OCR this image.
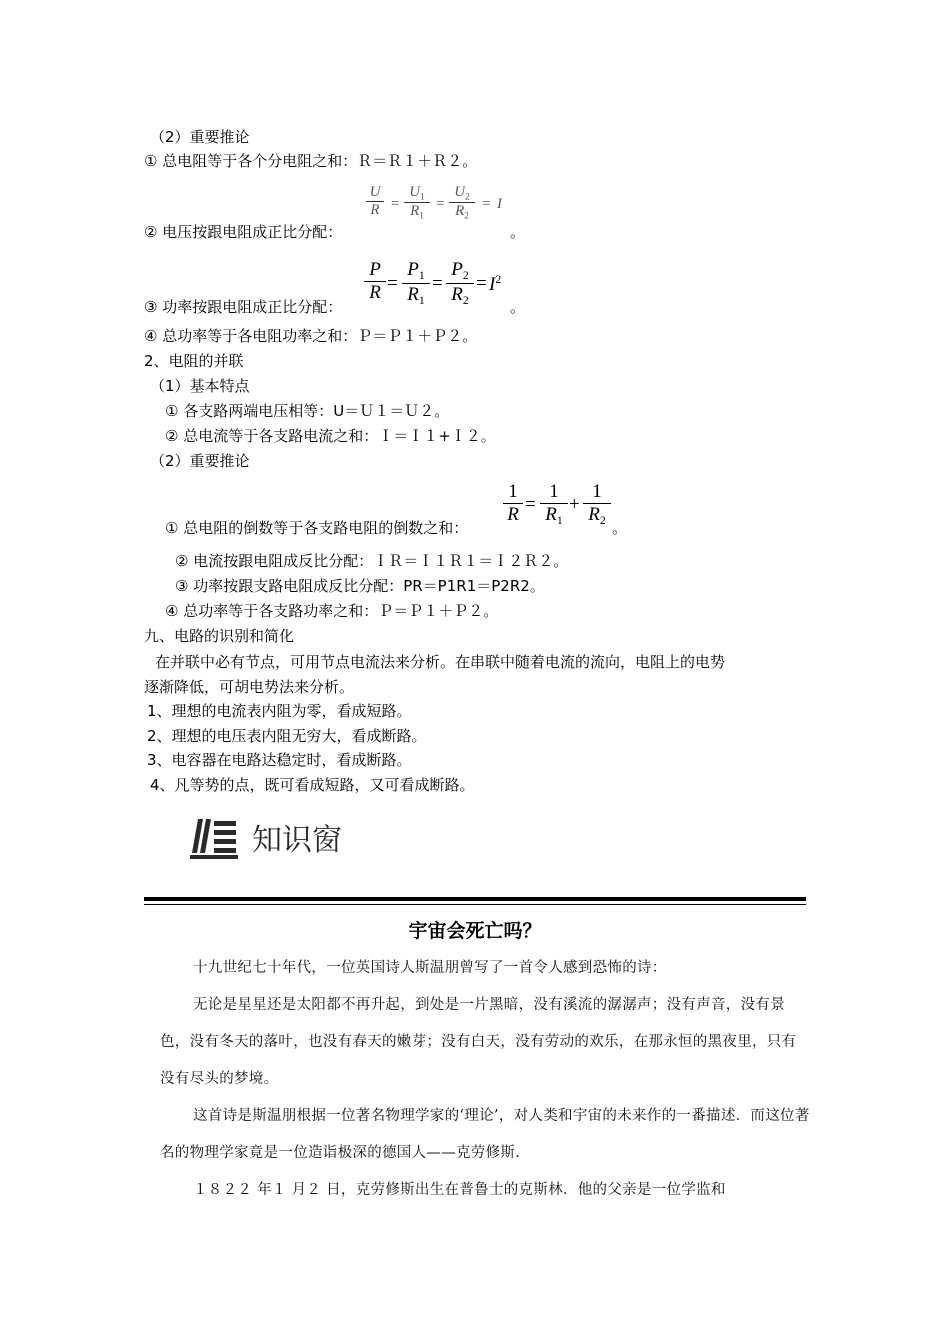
（2）重要推论
① 总电阻等于各个分电阻之和：Ｒ＝Ｒ１＋Ｒ２。
② 电压按跟电阻成正比分配：
U
R =
$U_1$
$R_1$
=
$U_2$
$R_2$
= I
。
③ 功率按跟电阻成正比分配：
P
R =
$P_1$
$R_1$
=
$P_2$
$R_2$
= $I^2$
。
④ 总功率等于各电阻功率之和：Ｐ＝Ｐ１＋Ｐ２。
2、电阻的并联
（1）基本特点
① 各支路两端电压相等：U＝Ｕ１＝Ｕ２。
② 总电流等于各支路电流之和：Ｉ＝Ｉ１+Ｉ２。
（2）重要推论
① 总电阻的倒数等于各支路电阻的倒数之和：
1
R =
1
$R_1$
+
1
$R_2$ 。
② 电流按跟电阻成反比分配：ＩＲ＝Ｉ１Ｒ１＝Ｉ２Ｒ２。
③ 功率按跟支路电阻成反比分配：PR＝P1R1＝P2R2。
④ 总功率等于各支路功率之和：Ｐ＝Ｐ１＋Ｐ２。
九、电路的识别和简化
在并联中必有节点，可用节点电流法来分析。在串联中随着电流的流向，电阻上的电势
逐渐降低，可胡电势法来分析。
1、理想的电流表内阻为零，看成短路。
2、理想的电压表内阻无穷大，看成断路。
3、电容器在电路达稳定时，看成断路。
4、凡等势的点，既可看成短路，又可看成断路。
知识窗
宇宙会死亡吗？

十九世纪七十年代，一位英国诗人斯温朋曾写了一首令人感到恐怖的诗：

无论是星星还是太阳都不再升起，到处是一片黑暗，没有溪流的潺潺声；没有声音，没有景色，没有冬天的落叶，也没有春天的嫩芽；没有白天，没有劳动的欢乐，在那永恒的黑夜里，只有没有尽头的梦境。

这首诗是斯温朋根据一位著名物理学家的‘理论’，对人类和宇宙的未来作的一番描述．而这位著名的物理学家竟是一位造诣极深的德国人——克劳修斯．

１８２２ 年１ 月２ 日，克劳修斯出生在普鲁士的克斯林．他的父亲是一位学监和
